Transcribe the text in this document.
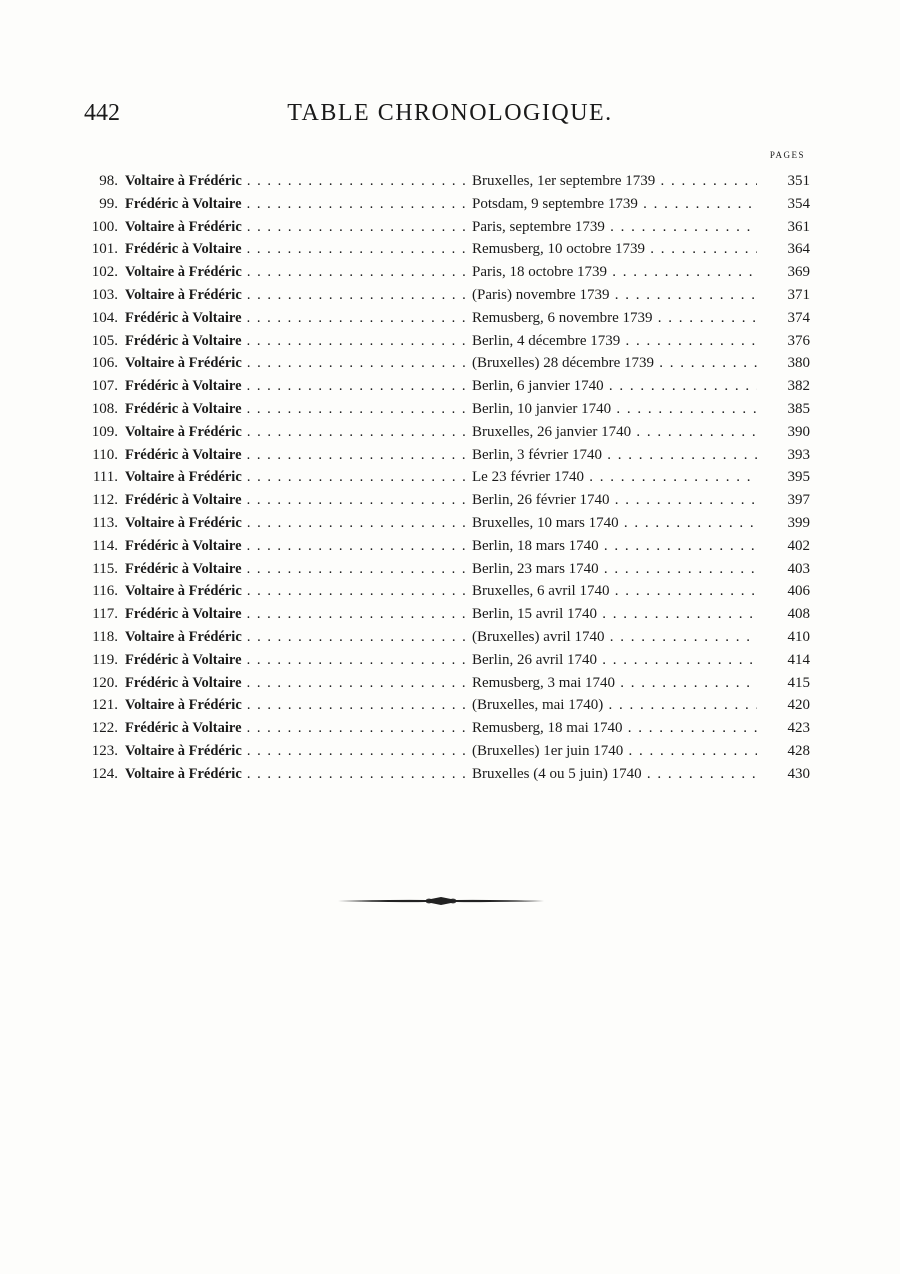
442	TABLE CHRONOLOGIQUE.
PAGES
98. Voltaire à Frédéric . . .	Bruxelles, 1er septembre 1739 . . .	351
99. Frédéric à Voltaire . . .	Potsdam, 9 septembre 1739 . . .	354
100. Voltaire à Frédéric . . .	Paris, septembre 1739 . . .	361
101. Frédéric à Voltaire . . .	Remusberg, 10 octobre 1739 . . .	364
102. Voltaire à Frédéric . . .	Paris, 18 octobre 1739 . . .	369
103. Voltaire à Frédéric . . .	(Paris) novembre 1739 . . .	371
104. Frédéric à Voltaire . . .	Remusberg, 6 novembre 1739 . . .	374
105. Frédéric à Voltaire . . .	Berlin, 4 décembre 1739 . . .	376
106. Voltaire à Frédéric . . .	(Bruxelles) 28 décembre 1739 . . .	380
107. Frédéric à Voltaire . . .	Berlin, 6 janvier 1740 . . .	382
108. Frédéric à Voltaire . . .	Berlin, 10 janvier 1740 . . .	385
109. Voltaire à Frédéric . . .	Bruxelles, 26 janvier 1740 . . .	390
110. Frédéric à Voltaire . . .	Berlin, 3 février 1740 . . .	393
111. Voltaire à Frédéric . . .	Le 23 février 1740 . . .	395
112. Frédéric à Voltaire . . .	Berlin, 26 février 1740 . . .	397
113. Voltaire à Frédéric . . .	Bruxelles, 10 mars 1740 . . .	399
114. Frédéric à Voltaire . . .	Berlin, 18 mars 1740 . . .	402
115. Frédéric à Voltaire . . .	Berlin, 23 mars 1740 . . .	403
116. Voltaire à Frédéric . . .	Bruxelles, 6 avril 1740 . . .	406
117. Frédéric à Voltaire . . .	Berlin, 15 avril 1740 . . .	408
118. Voltaire à Frédéric . . .	(Bruxelles) avril 1740 . . .	410
119. Frédéric à Voltaire . . .	Berlin, 26 avril 1740 . . .	414
120. Frédéric à Voltaire . . .	Remusberg, 3 mai 1740 . . .	415
121. Voltaire à Frédéric . . .	(Bruxelles, mai 1740) . . .	420
122. Frédéric à Voltaire . . .	Remusberg, 18 mai 1740 . . .	423
123. Voltaire à Frédéric . . .	(Bruxelles) 1er juin 1740 . . .	428
124. Voltaire à Frédéric . . .	Bruxelles (4 ou 5 juin) 1740 . . .	430
